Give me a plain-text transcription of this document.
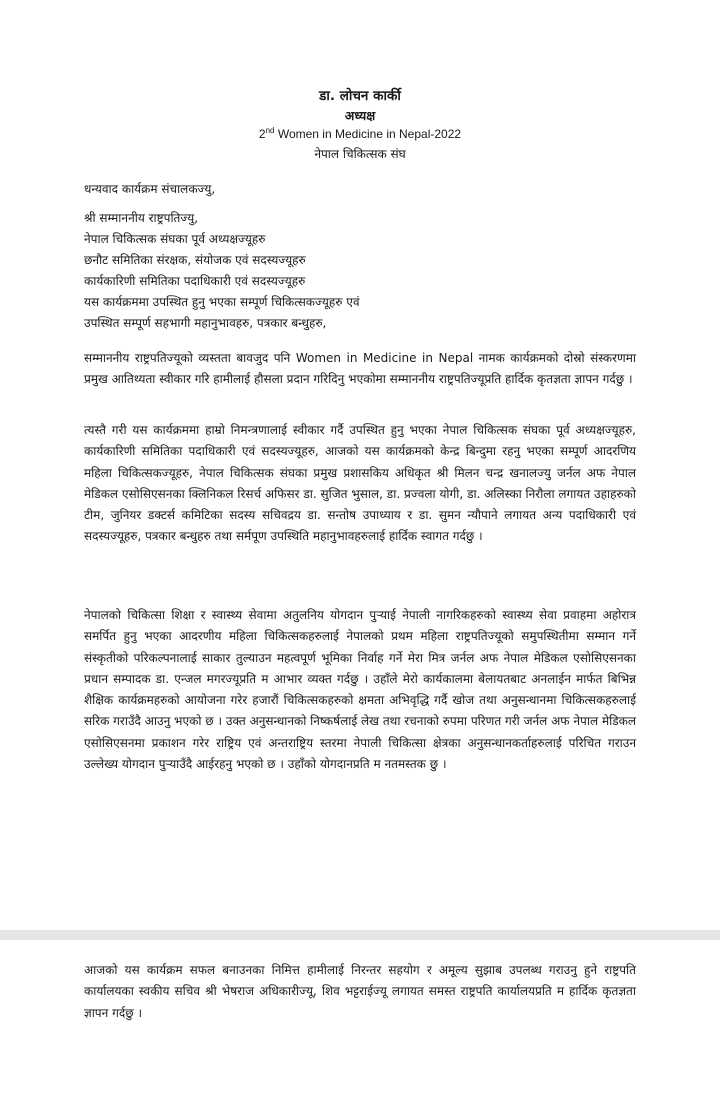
डा. लोचन कार्की
अध्यक्ष
2nd Women in Medicine in Nepal-2022
नेपाल चिकित्सक संघ
धन्यवाद कार्यक्रम संचालकज्यु,
श्री सम्माननीय राष्ट्रपतिज्यु,
नेपाल चिकित्सक संघका पूर्व अध्यक्षज्यूहरु
छनौट समितिका संरक्षक, संयोजक एवं सदस्यज्यूहरु
कार्यकारिणी समितिका पदाधिकारी एवं सदस्यज्यूहरु
यस कार्यक्रममा उपस्थित हुनु भएका सम्पूर्ण चिकित्सकज्यूहरु एवं
उपस्थित सम्पूर्ण सहभागी महानुभावहरु, पत्रकार बन्धुहरु,

सम्माननीय राष्ट्रपतिज्यूको व्यस्तता बावजुद पनि Women in Medicine in Nepal नामक कार्यक्रमको दोस्रो संस्करणमा प्रमुख आतिथ्यता स्वीकार गरि हामीलाई हौसला प्रदान गरिदिनु भएकोमा सम्माननीय राष्ट्रपतिज्यूप्रति हार्दिक कृतज्ञता ज्ञापन गर्दछु ।

त्यस्तै गरी यस कार्यक्रममा हाम्रो निमन्त्रणालाई स्वीकार गर्दै उपस्थित हुनु भएका नेपाल चिकित्सक संघका पूर्व अध्यक्षज्यूहरु, कार्यकारिणी समितिका पदाधिकारी एवं सदस्यज्यूहरु, आजको यस कार्यक्रमको केन्द्र बिन्दुमा रहनु भएका सम्पूर्ण आदरणिय महिला चिकित्सकज्यूहरु, नेपाल चिकित्सक संघका प्रमुख प्रशासकिय अधिकृत श्री मिलन चन्द्र खनालज्यु जर्नल अफ नेपाल मेडिकल एसोसिएसनका क्लिनिकल रिसर्च अफिसर डा. सुजित भुसाल, डा. प्रज्वला योगी, डा. अलिस्का निरौला लगायत उहाहरुको टीम, जुनियर डक्टर्स कमिटिका सदस्य सचिवद्रय डा. सन्तोष उपाध्याय र डा. सुमन न्यौपाने लगायत अन्य पदाधिकारी एवं सदस्यज्यूहरु, पत्रकार बन्धुहरु तथा सर्मपूण उपस्थिति महानुभावहरुलाई हार्दिक स्वागत गर्दछु ।

नेपालको चिकित्सा शिक्षा र स्वास्थ्य सेवामा अतुलनिय योगदान पुऱ्याई नेपाली नागरिकहरुको स्वास्थ्य सेवा प्रवाहमा अहोरात्र समर्पित हुनु भएका आदरणीय महिला चिकित्सकहरुलाई नेपालको प्रथम महिला राष्ट्रपतिज्यूको समुपस्थितीमा सम्मान गर्ने संस्कृतीको परिकल्पनालाई साकार तुल्याउन महत्वपूर्ण भूमिका निर्वाह गर्ने मेरा मित्र जर्नल अफ नेपाल मेडिकल एसोसिएसनका प्रधान सम्पादक डा. एन्जल मगरज्यूप्रति म आभार व्यक्त गर्दछु । उहाँले मेरो कार्यकालमा बेलायतबाट अनलाईन मार्फत बिभिन्न शैक्षिक कार्यक्रमहरुको आयोजना गरेर हजारौं चिकित्सकहरुको क्षमता अभिवृद्धि गर्दै खोज तथा अनुसन्धानमा चिकित्सकहरुलाई सरिक गराउँदै आउनु भएको छ । उक्त अनुसन्धानको निष्कर्षलाई लेख तथा रचनाको रुपमा परिणत गरी जर्नल अफ नेपाल मेडिकल एसोसिएसनमा प्रकाशन गरेर राष्ट्रिय एवं अन्तराष्ट्रिय स्तरमा नेपाली चिकित्सा क्षेत्रका अनुसन्धानकर्ताहरुलाई परिचित गराउन उल्लेख्य योगदान पुऱ्याउँदै आईरहनु भएको छ । उहाँको योगदानप्रति म नतमस्तक छु ।

आजको यस कार्यक्रम सफल बनाउनका निमित्त हामीलाई निरन्तर सहयोग र अमूल्य सुझाब उपलब्ध गराउनु हुने राष्ट्रपति कार्यालयका स्वकीय सचिव श्री भेषराज अधिकारीज्यू, शिव भट्टराईज्यू लगायत समस्त राष्ट्रपति कार्यालयप्रति म हार्दिक कृतज्ञता ज्ञापन गर्दछु ।
